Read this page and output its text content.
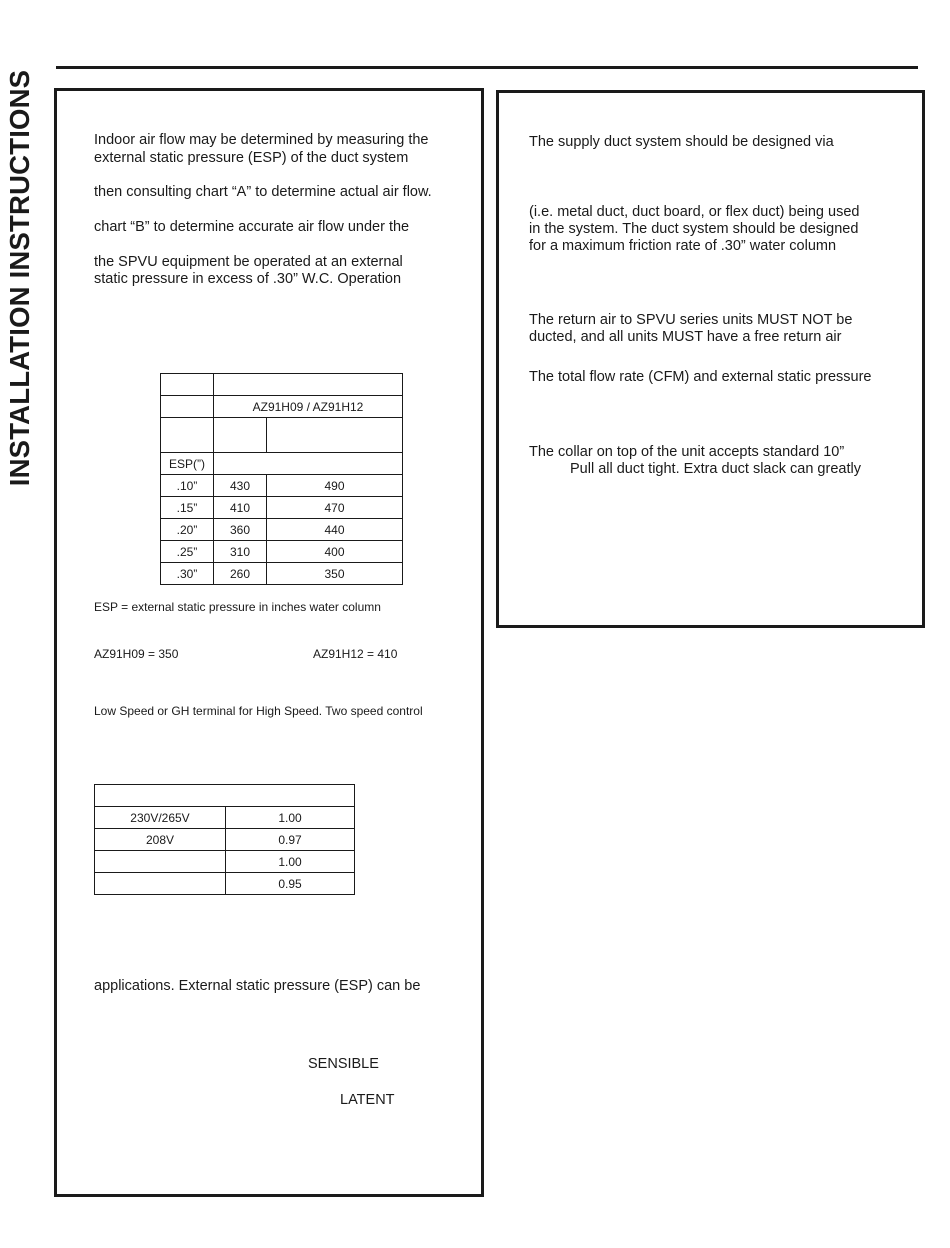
INSTALLATION INSTRUCTIONS	Indoor air flow may be determined by measuring the
external static pressure (ESP) of the duct system
then consulting chart “A” to determine actual air flow.
chart “B” to determine accurate air flow under the
the SPVU equipment be operated at an external
static pressure in excess of .30” W.C. Operation

	AZ91H09 / AZ91H12	

ESP(”)		
.10”	430	490
.15”	410	470
.20”	360	440
.25”	310	400
.30”	260	350
ESP = external static pressure in inches water column
AZ91H09 = 350	AZ91H12 = 410
Low Speed or GH terminal for High Speed. Two speed control

230V/265V	1.00
208V	0.97
	1.00
	0.95
applications. External static pressure (ESP) can be
SENSIBLE
LATENT
The supply duct system should be designed via
(i.e. metal duct, duct board, or flex duct) being used
in the system. The duct system should be designed
for a maximum friction rate of .30” water column
The return air to SPVU series units MUST NOT be
ducted, and all units MUST have a free return air
The total flow rate (CFM) and external static pressure
The collar on top of the unit accepts standard 10”
Pull all duct tight. Extra duct slack can greatly
